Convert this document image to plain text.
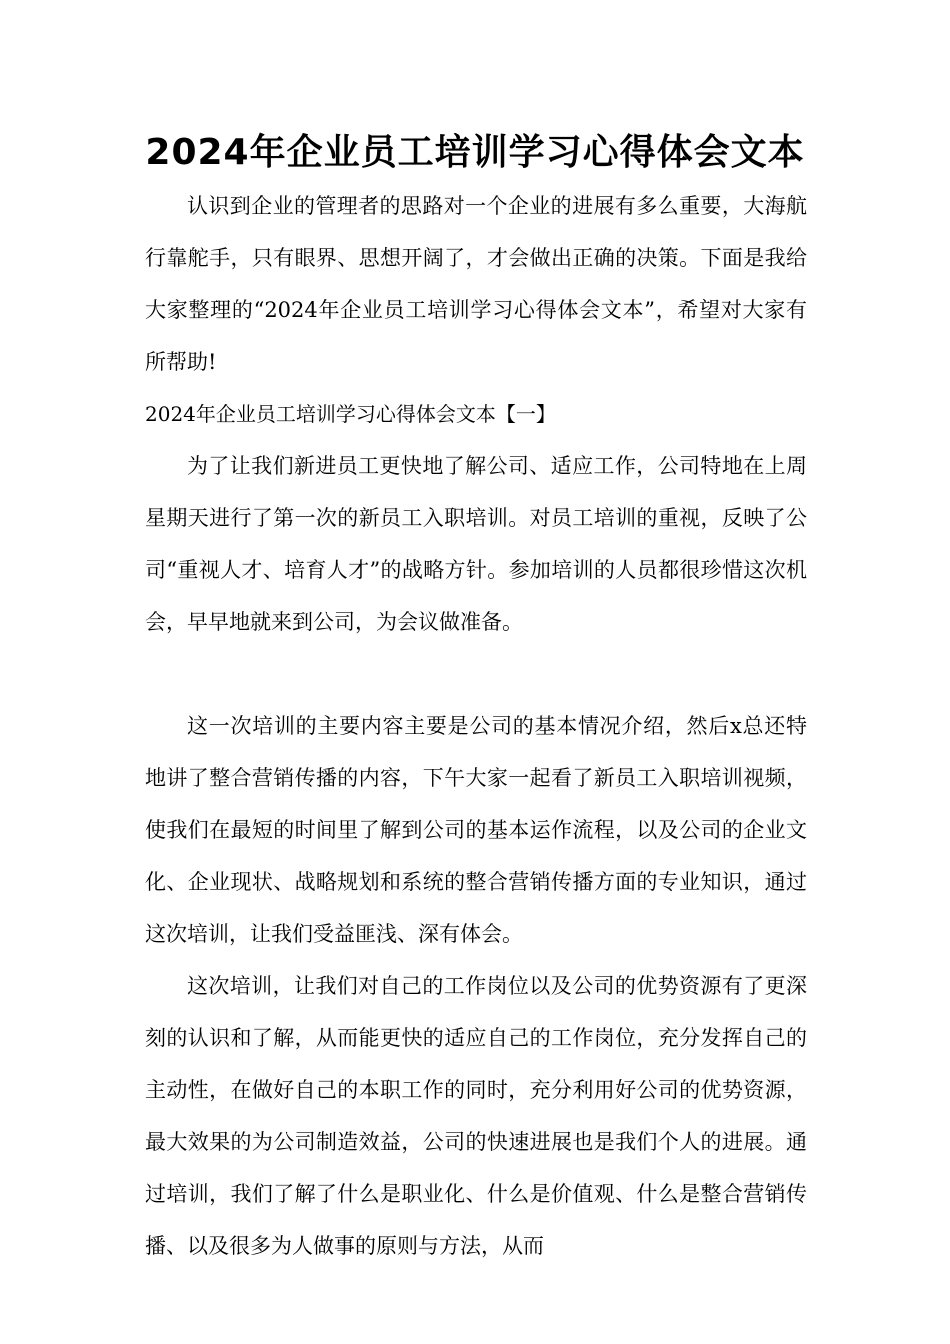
2024年企业员工培训学习心得体会文本

认识到企业的管理者的思路对一个企业的进展有多么重要，大海航行靠舵手，只有眼界、思想开阔了，才会做出正确的决策。下面是我给大家整理的“2024年企业员工培训学习心得体会文本”，希望对大家有所帮助!

2024年企业员工培训学习心得体会文本【一】

为了让我们新进员工更快地了解公司、适应工作，公司特地在上周星期天进行了第一次的新员工入职培训。对员工培训的重视，反映了公司“重视人才、培育人才”的战略方针。参加培训的人员都很珍惜这次机会，早早地就来到公司，为会议做准备。

这一次培训的主要内容主要是公司的基本情况介绍，然后x总还特地讲了整合营销传播的内容，下午大家一起看了新员工入职培训视频，使我们在最短的时间里了解到公司的基本运作流程，以及公司的企业文化、企业现状、战略规划和系统的整合营销传播方面的专业知识，通过这次培训，让我们受益匪浅、深有体会。

这次培训，让我们对自己的工作岗位以及公司的优势资源有了更深刻的认识和了解，从而能更快的适应自己的工作岗位，充分发挥自己的主动性，在做好自己的本职工作的同时，充分利用好公司的优势资源，最大效果的为公司制造效益，公司的快速进展也是我们个人的进展。通过培训，我们了解了什么是职业化、什么是价值观、什么是整合营销传播、以及很多为人做事的原则与方法，从而
